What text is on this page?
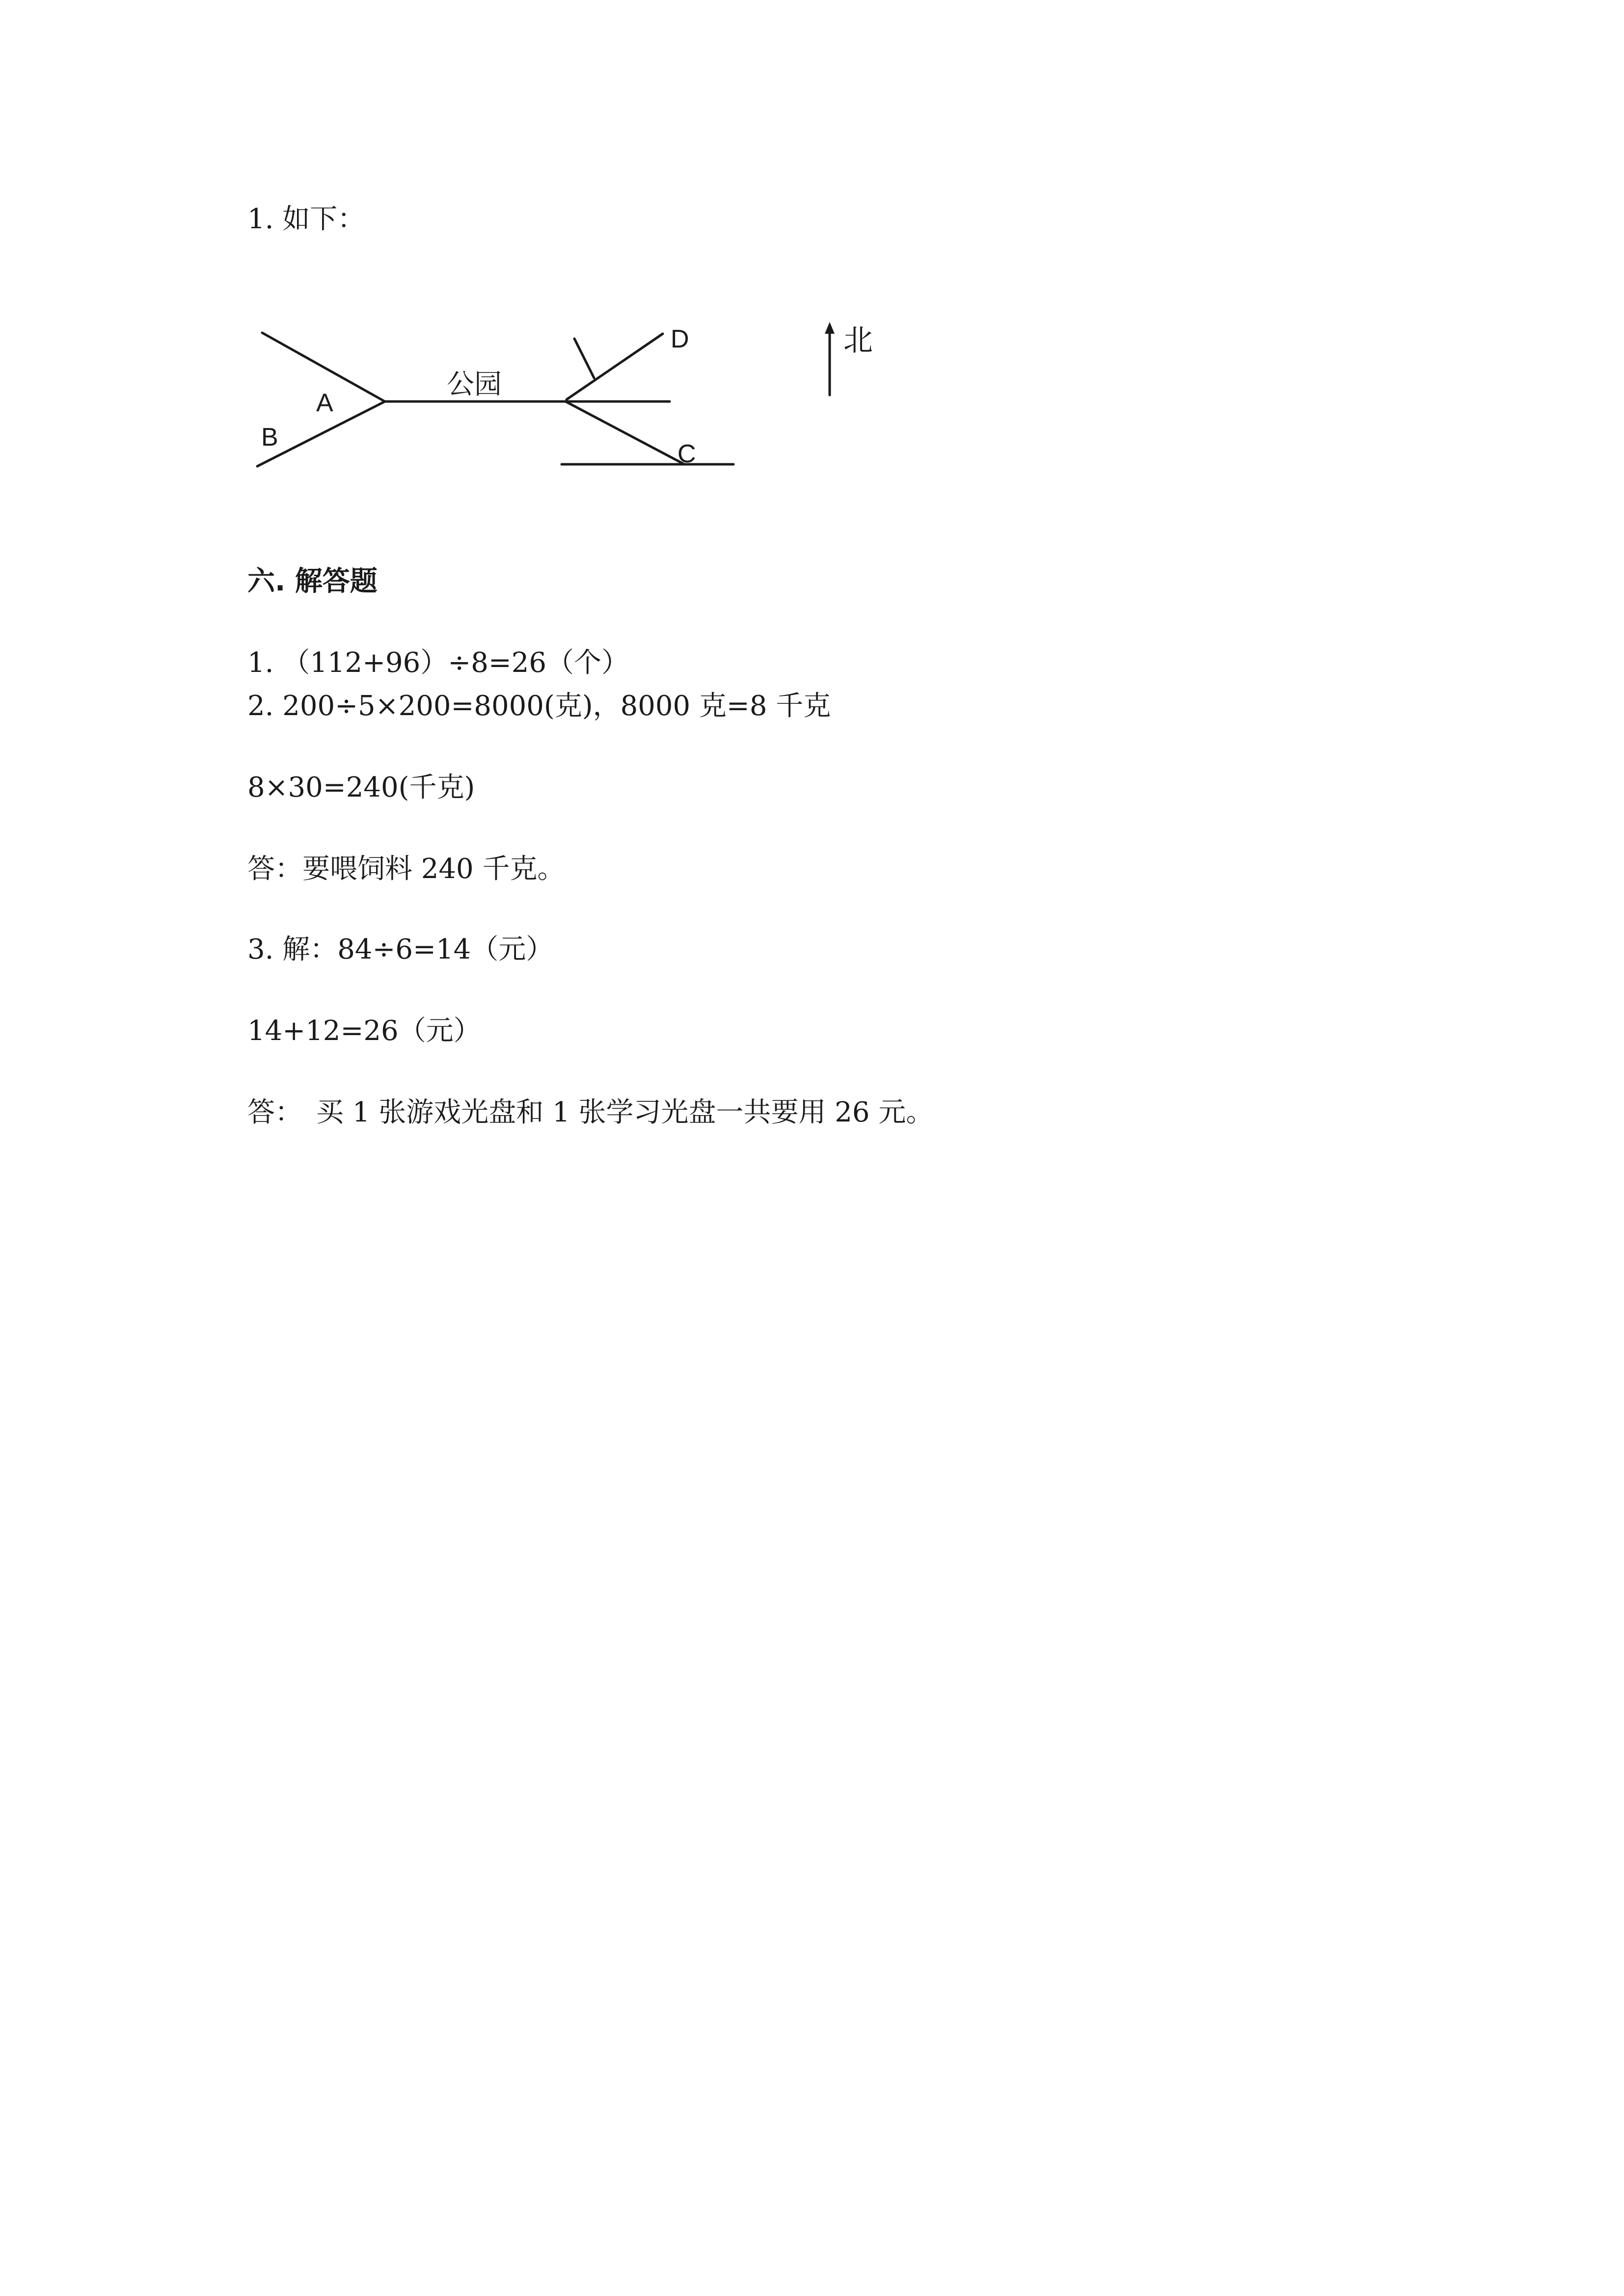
1. 如下：
公园
A
B
C
D	北
六. 解答题
1. （112+96）÷8=26（个）
2. 200÷5×200=8000(克)，8000 克=8 千克
8×30=240(千克)
答：要喂饲料 240 千克。
3. 解：84÷6=14（元）
14+12=26（元）
答：　买 1 张游戏光盘和 1 张学习光盘一共要用 26 元。
